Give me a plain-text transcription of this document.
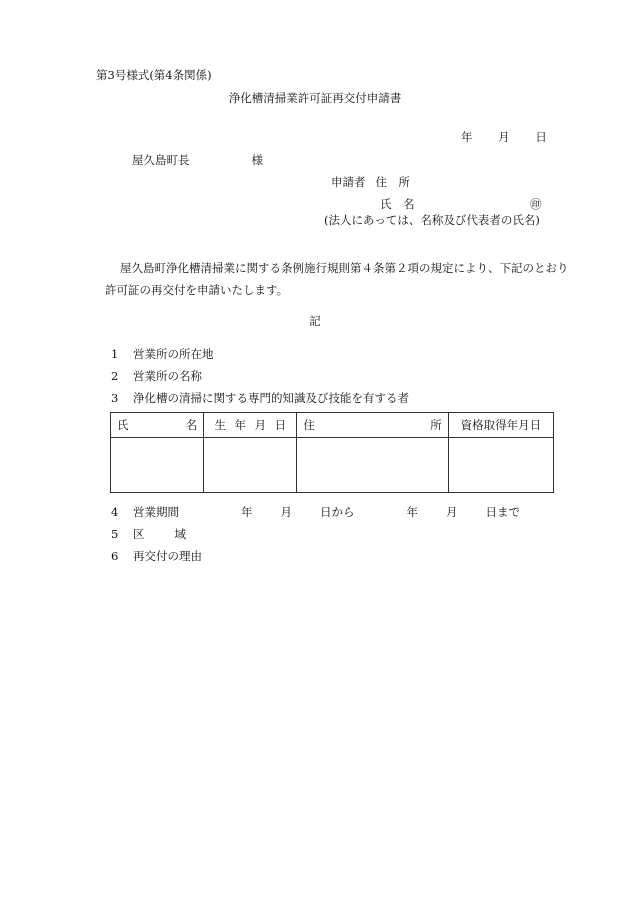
第3号様式(第4条関係)
浄化槽清掃業許可証再交付申請書
年 月 日
屋久島町長	様
申請者 住　所
氏　名	㊞
(法人にあっては、名称及び代表者の氏名)
屋久島町浄化槽清掃業に関する条例施行規則第４条第２項の規定により、下記のとおり許可証の再交付を申請いたします。
記
1 営業所の所在地
2 営業所の名称
3 浄化槽の清掃に関する専門的知識及び技能を有する者
氏 名	生 年 月 日	住 所	資格取得年月日

4 営業期間	年 月 日から	年 月 日まで
5 区	域
6 再交付の理由
